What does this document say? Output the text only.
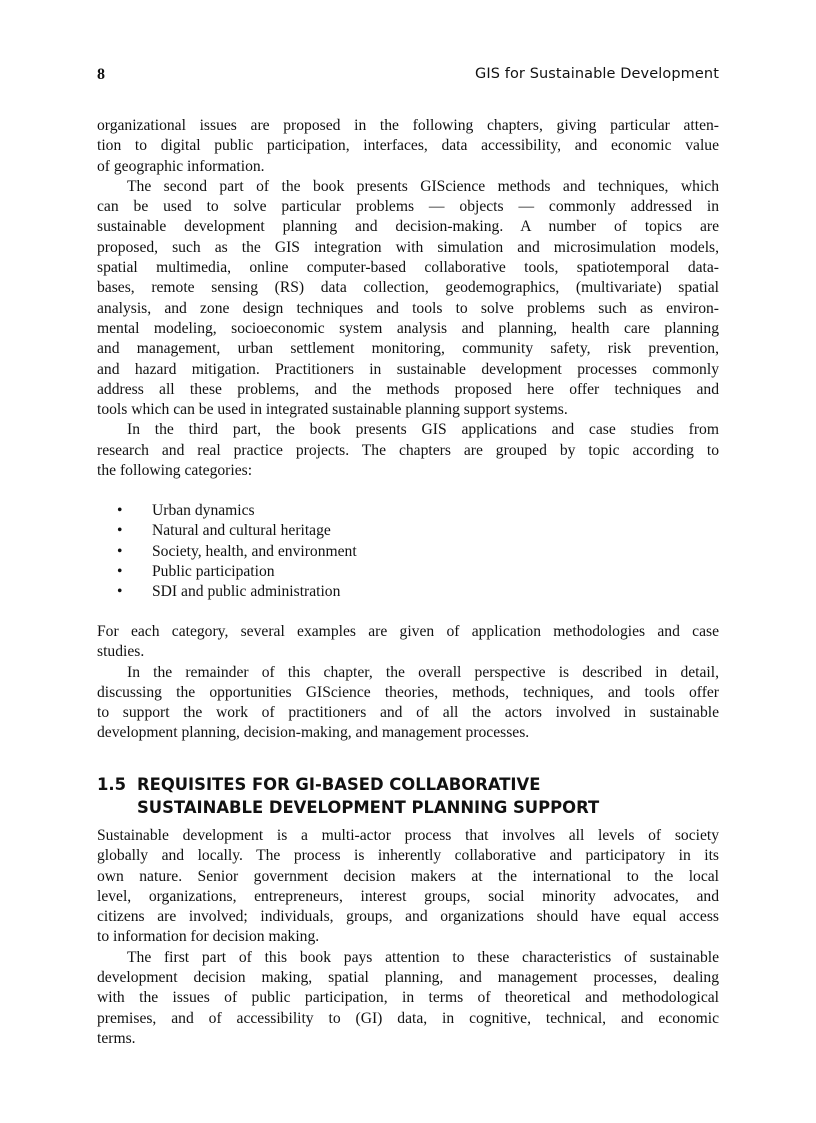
8	GIS for Sustainable Development
organizational issues are proposed in the following chapters, giving particular atten-
tion to digital public participation, interfaces, data accessibility, and economic value
of geographic information.
The second part of the book presents GIScience methods and techniques, which
can be used to solve particular problems — objects — commonly addressed in
sustainable development planning and decision-making. A number of topics are
proposed, such as the GIS integration with simulation and microsimulation models,
spatial multimedia, online computer-based collaborative tools, spatiotemporal data-
bases, remote sensing (RS) data collection, geodemographics, (multivariate) spatial
analysis, and zone design techniques and tools to solve problems such as environ-
mental modeling, socioeconomic system analysis and planning, health care planning
and management, urban settlement monitoring, community safety, risk prevention,
and hazard mitigation. Practitioners in sustainable development processes commonly
address all these problems, and the methods proposed here offer techniques and
tools which can be used in integrated sustainable planning support systems.
In the third part, the book presents GIS applications and case studies from
research and real practice projects. The chapters are grouped by topic according to
the following categories:
• Urban dynamics
• Natural and cultural heritage
• Society, health, and environment
• Public participation
• SDI and public administration
For each category, several examples are given of application methodologies and case
studies.
In the remainder of this chapter, the overall perspective is described in detail,
discussing the opportunities GIScience theories, methods, techniques, and tools offer
to support the work of practitioners and of all the actors involved in sustainable
development planning, decision-making, and management processes.
1.5 REQUISITES FOR GI-BASED COLLABORATIVE
SUSTAINABLE DEVELOPMENT PLANNING SUPPORT
Sustainable development is a multi-actor process that involves all levels of society
globally and locally. The process is inherently collaborative and participatory in its
own nature. Senior government decision makers at the international to the local
level, organizations, entrepreneurs, interest groups, social minority advocates, and
citizens are involved; individuals, groups, and organizations should have equal access
to information for decision making.
The first part of this book pays attention to these characteristics of sustainable
development decision making, spatial planning, and management processes, dealing
with the issues of public participation, in terms of theoretical and methodological
premises, and of accessibility to (GI) data, in cognitive, technical, and economic
terms.
